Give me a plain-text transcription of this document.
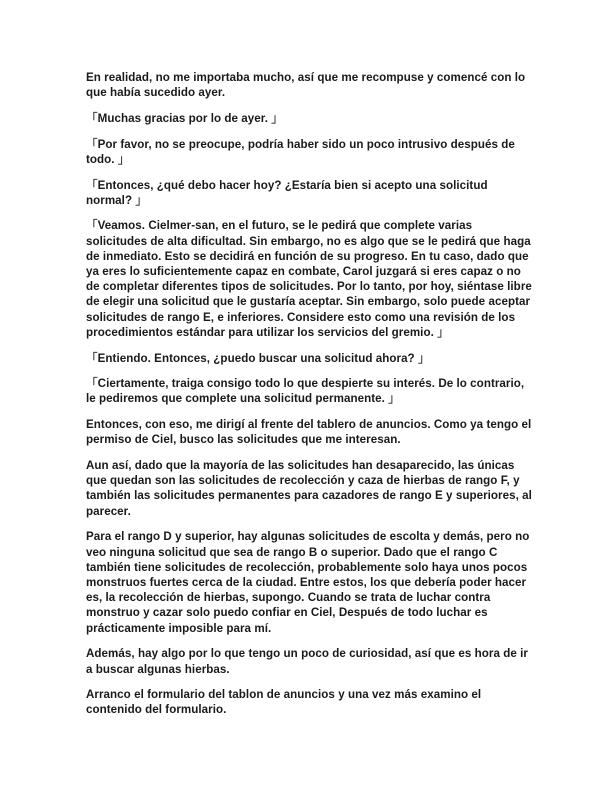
En realidad, no me importaba mucho, así que me recompuse y comencé con lo que había sucedido ayer.

「Muchas gracias por lo de ayer. 」

「Por favor, no se preocupe, podría haber sido un poco intrusivo después de todo. 」

「Entonces, ¿qué debo hacer hoy? ¿Estaría bien si acepto una solicitud normal? 」

「Veamos. Cielmer-san, en el futuro, se le pedirá que complete varias solicitudes de alta dificultad. Sin embargo, no es algo que se le pedirá que haga de inmediato. Esto se decidirá en función de su progreso. En tu caso, dado que ya eres lo suficientemente capaz en combate, Carol juzgará si eres capaz o no de completar diferentes tipos de solicitudes. Por lo tanto, por hoy, siéntase libre de elegir una solicitud que le gustaría aceptar. Sin embargo, solo puede aceptar solicitudes de rango E, e inferiores. Considere esto como una revisión de los procedimientos estándar para utilizar los servicios del gremio. 」

「Entiendo. Entonces, ¿puedo buscar una solicitud ahora? 」

「Ciertamente, traiga consigo todo lo que despierte su interés. De lo contrario, le pediremos que complete una solicitud permanente. 」

Entonces, con eso, me dirigí al frente del tablero de anuncios. Como ya tengo el permiso de Ciel, busco las solicitudes que me interesan.

Aun así, dado que la mayoría de las solicitudes han desaparecido, las únicas que quedan son las solicitudes de recolección y caza de hierbas de rango F, y también las solicitudes permanentes para cazadores de rango E y superiores, al parecer.

Para el rango D y superior, hay algunas solicitudes de escolta y demás, pero no veo ninguna solicitud que sea de rango B o superior. Dado que el rango C también tiene solicitudes de recolección, probablemente solo haya unos pocos monstruos fuertes cerca de la ciudad. Entre estos, los que debería poder hacer es, la recolección de hierbas, supongo. Cuando se trata de luchar contra monstruo y cazar solo puedo confiar en Ciel, Después de todo luchar es prácticamente imposible para mí.

Además, hay algo por lo que tengo un poco de curiosidad, así que es hora de ir a buscar algunas hierbas.

Arranco el formulario del tablon de anuncios y una vez más examino el contenido del formulario.
